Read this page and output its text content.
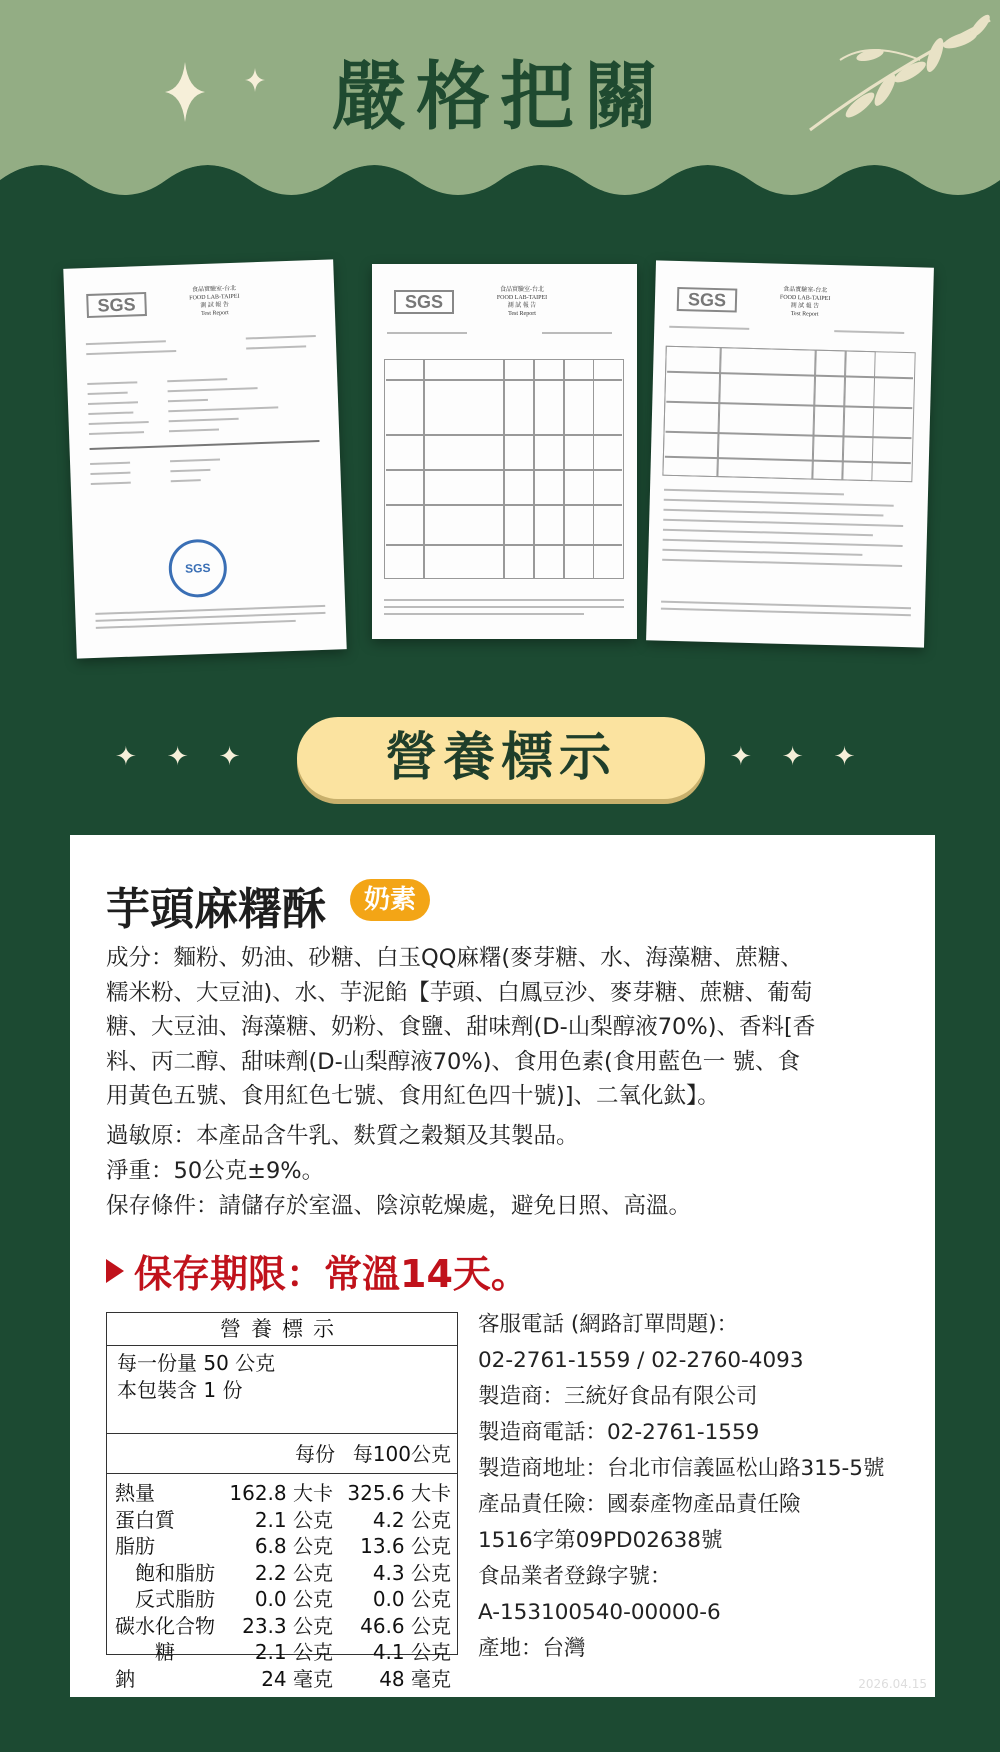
嚴格把關
SGS
食品實驗室-台北
FOOD LAB-TAIPEI
測 試 報 告
Test Report
SGS
SGS
食品實驗室-台北
FOOD LAB-TAIPEI
測 試 報 告
Test Report
SGS	食品實驗室-台北
FOOD LAB-TAIPEI
測 試 報 告
Test Report
✦✦✦	✦✦✦
營養標示
芋頭麻糬酥	奶素
成分：麵粉、奶油、砂糖、白玉QQ麻糬(麥芽糖、水、海藻糖、蔗糖、
糯米粉、大豆油)、水、芋泥餡【芋頭、白鳳豆沙、麥芽糖、蔗糖、葡萄
糖、大豆油、海藻糖、奶粉、食鹽、甜味劑(D-山梨醇液70%)、香料[香
料、丙二醇、甜味劑(D-山梨醇液70%)、食用色素(食用藍色一 號、食
用黃色五號、食用紅色七號、食用紅色四十號)]、二氧化鈦】。
過敏原：本產品含牛乳、麩質之穀類及其製品。
淨重：50公克±9%。
保存條件：請儲存於室溫、陰涼乾燥處，避免日照、高溫。
保存期限：常溫14天。
營養標示
每一份量 50 公克
本包裝含 1 份
每份 每100公克
熱量	162.8 大卡 325.6 大卡
蛋白質	2.1 公克 4.2 公克
脂肪	6.8 公克 13.6 公克
飽和脂肪 2.2 公克 4.3 公克
反式脂肪 0.0 公克 0.0 公克
碳水化合物 23.3 公克 46.6 公克
糖	2.1 公克 4.1 公克
鈉	24 毫克 48 毫克
客服電話 (網路訂單問題)：
02-2761-1559 / 02-2760-4093
製造商：三統好食品有限公司
製造商電話：02-2761-1559
製造商地址：台北市信義區松山路315-5號
產品責任險：國泰產物產品責任險
1516字第09PD02638號
食品業者登錄字號：
A-153100540-00000-6
產地：台灣
2026.04.15
